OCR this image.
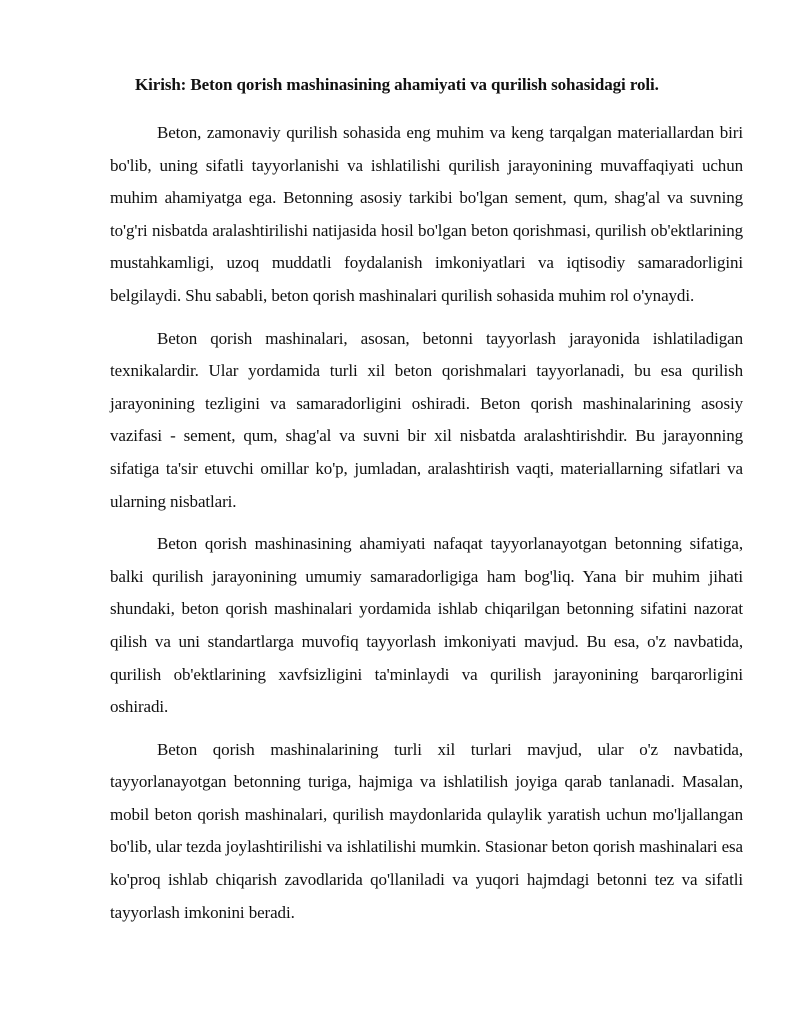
Kirish: Beton qorish mashinasining ahamiyati va qurilish sohasidagi roli.

Beton, zamonaviy qurilish sohasida eng muhim va keng tarqalgan materiallardan biri bo'lib, uning sifatli tayyorlanishi va ishlatilishi qurilish jarayonining muvaffaqiyati uchun muhim ahamiyatga ega. Betonning asosiy tarkibi bo'lgan sement, qum, shag'al va suvning to'g'ri nisbatda aralashtirilishi natijasida hosil bo'lgan beton qorishmasi, qurilish ob'ektlarining mustahkamligi, uzoq muddatli foydalanish imkoniyatlari va iqtisodiy samaradorligini belgilaydi. Shu sababli, beton qorish mashinalari qurilish sohasida muhim rol o'ynaydi.

Beton qorish mashinalari, asosan, betonni tayyorlash jarayonida ishlatiladigan texnikalardir. Ular yordamida turli xil beton qorishmalari tayyorlanadi, bu esa qurilish jarayonining tezligini va samaradorligini oshiradi. Beton qorish mashinalarining asosiy vazifasi - sement, qum, shag'al va suvni bir xil nisbatda aralashtirishdir. Bu jarayonning sifatiga ta'sir etuvchi omillar ko'p, jumladan, aralashtirish vaqti, materiallarning sifatlari va ularning nisbatlari.

Beton qorish mashinasining ahamiyati nafaqat tayyorlanayotgan betonning sifatiga, balki qurilish jarayonining umumiy samaradorligiga ham bog'liq. Yana bir muhim jihati shundaki, beton qorish mashinalari yordamida ishlab chiqarilgan betonning sifatini nazorat qilish va uni standartlarga muvofiq tayyorlash imkoniyati mavjud. Bu esa, o'z navbatida, qurilish ob'ektlarining xavfsizligini ta'minlaydi va qurilish jarayonining barqarorligini oshiradi.

Beton qorish mashinalarining turli xil turlari mavjud, ular o'z navbatida, tayyorlanayotgan betonning turiga, hajmiga va ishlatilish joyiga qarab tanlanadi. Masalan, mobil beton qorish mashinalari, qurilish maydonlarida qulaylik yaratish uchun mo'ljallangan bo'lib, ular tezda joylashtirilishi va ishlatilishi mumkin. Stasionar beton qorish mashinalari esa ko'proq ishlab chiqarish zavodlarida qo'llaniladi va yuqori hajmdagi betonni tez va sifatli tayyorlash imkonini beradi.
